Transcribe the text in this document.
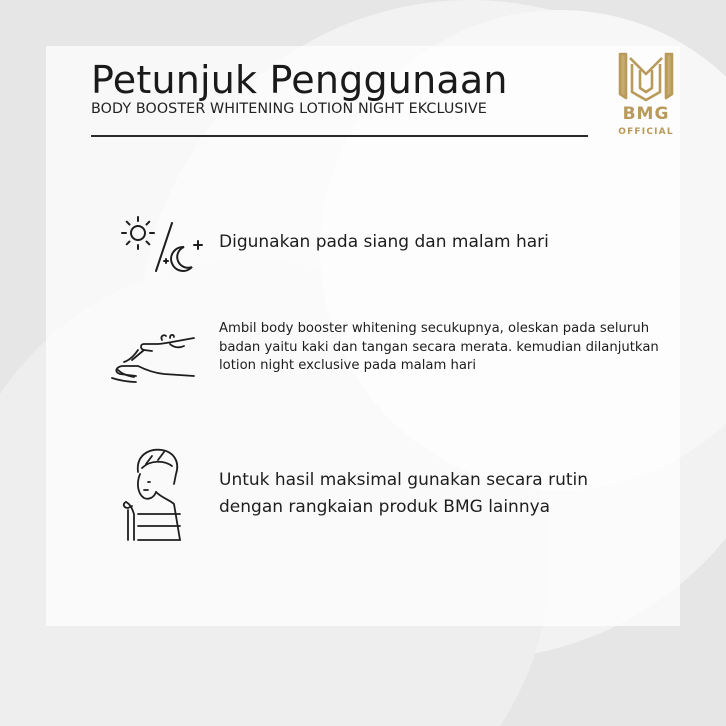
Petunjuk Penggunaan
BODY BOOSTER WHITENING LOTION NIGHT EKCLUSIVE	BMG
OFFICIAL
Digunakan pada siang dan malam hari
Ambil body booster whitening secukupnya, oleskan pada seluruh badan yaitu kaki dan tangan secara merata. kemudian dilanjutkan lotion night exclusive pada malam hari
Untuk hasil maksimal gunakan secara rutin dengan rangkaian produk BMG lainnya
